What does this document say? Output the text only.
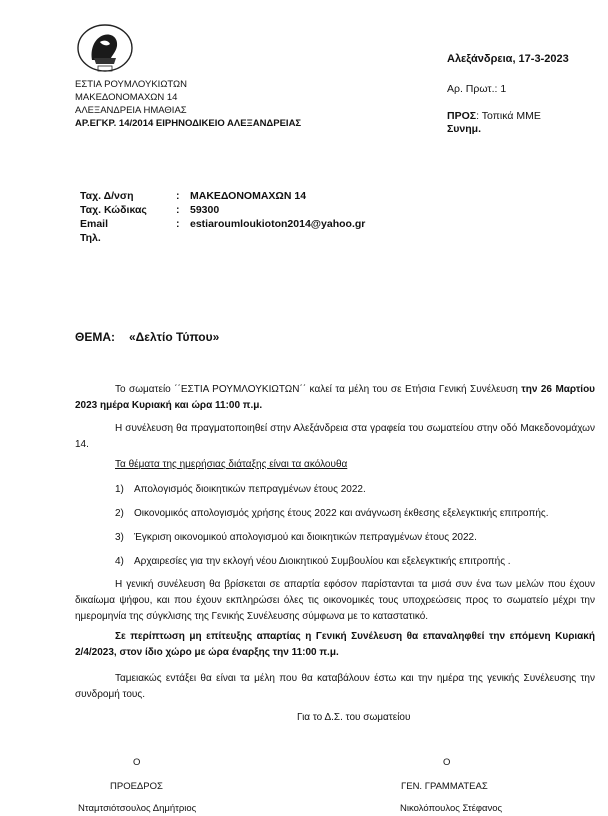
ΕΣΤΙΑ ΡΟΥΜΛΟΥΚΙΩΤΩΝ
ΜΑΚΕΔΟΝΟΜΑΧΩΝ 14
ΑΛΕΞΑΝΔΡΕΙΑ ΗΜΑΘΙΑΣ
ΑΡ.ΕΓΚΡ. 14/2014 ΕΙΡΗΝΟΔΙΚΕΙΟ ΑΛΕΞΑΝΔΡΕΙΑΣ
Αλεξάνδρεια, 17-3-2023
Αρ. Πρωτ.: 1
ΠΡΟΣ: Τοπικά ΜΜΕ
Συνημ.
Ταχ. Δ/νση	:	ΜΑΚΕΔΟΝΟΜΑΧΩΝ 14
Ταχ. Κώδικας	:	59300
Email	:	estiaroumloukioton2014@yahoo.gr
Τηλ.
ΘΕΜΑ: «Δελτίο Τύπου»
Το σωματείο ΄΄ΕΣΤΙΑ ΡΟΥΜΛΟΥΚΙΩΤΩΝ΄΄ καλεί τα μέλη του σε Ετήσια Γενική Συνέλευση την 26 Μαρτίου 2023 ημέρα Κυριακή και ώρα 11:00 π.μ.
Η συνέλευση θα πραγματοποιηθεί στην Αλεξάνδρεια στα γραφεία του σωματείου στην οδό Μακεδονομάχων 14.
Τα θέματα της ημερήσιας διάταξης είναι τα ακόλουθα
1) Απολογισμός διοικητικών πεπραγμένων έτους 2022.
2) Οικονομικός απολογισμός χρήσης έτους 2022 και ανάγνωση έκθεσης εξελεγκτικής επιτροπής.
3) Έγκριση οικονομικού απολογισμού και διοικητικών πεπραγμένων έτους 2022.
4) Αρχαιρεσίες για την εκλογή νέου Διοικητικού Συμβουλίου και εξελεγκτικής επιτροπής .
Η γενική συνέλευση θα βρίσκεται σε απαρτία εφόσον παρίστανται τα μισά συν ένα των μελών που έχουν δικαίωμα ψήφου, και που έχουν εκπληρώσει όλες τις οικονομικές τους υποχρεώσεις προς το σωματείο μέχρι την ημερομηνία της σύγκλισης της Γενικής Συνέλευσης σύμφωνα με το καταστατικό.
Σε περίπτωση μη επίτευξης απαρτίας η Γενική Συνέλευση θα επαναληφθεί την επόμενη Κυριακή 2/4/2023, στον ίδιο χώρο με ώρα έναρξης την 11:00 π.μ.
Ταμειακώς εντάξει θα είναι τα μέλη που θα καταβάλουν έστω και την ημέρα της γενικής Συνέλευσης την συνδρομή τους.
Για το Δ.Σ. του σωματείου
Ο
ΠΡΟΕΔΡΟΣ
Νταμτσιότσουλος Δημήτριος
Ο
ΓΕΝ. ΓΡΑΜΜΑΤΕΑΣ
Νικολόπουλος Στέφανος
